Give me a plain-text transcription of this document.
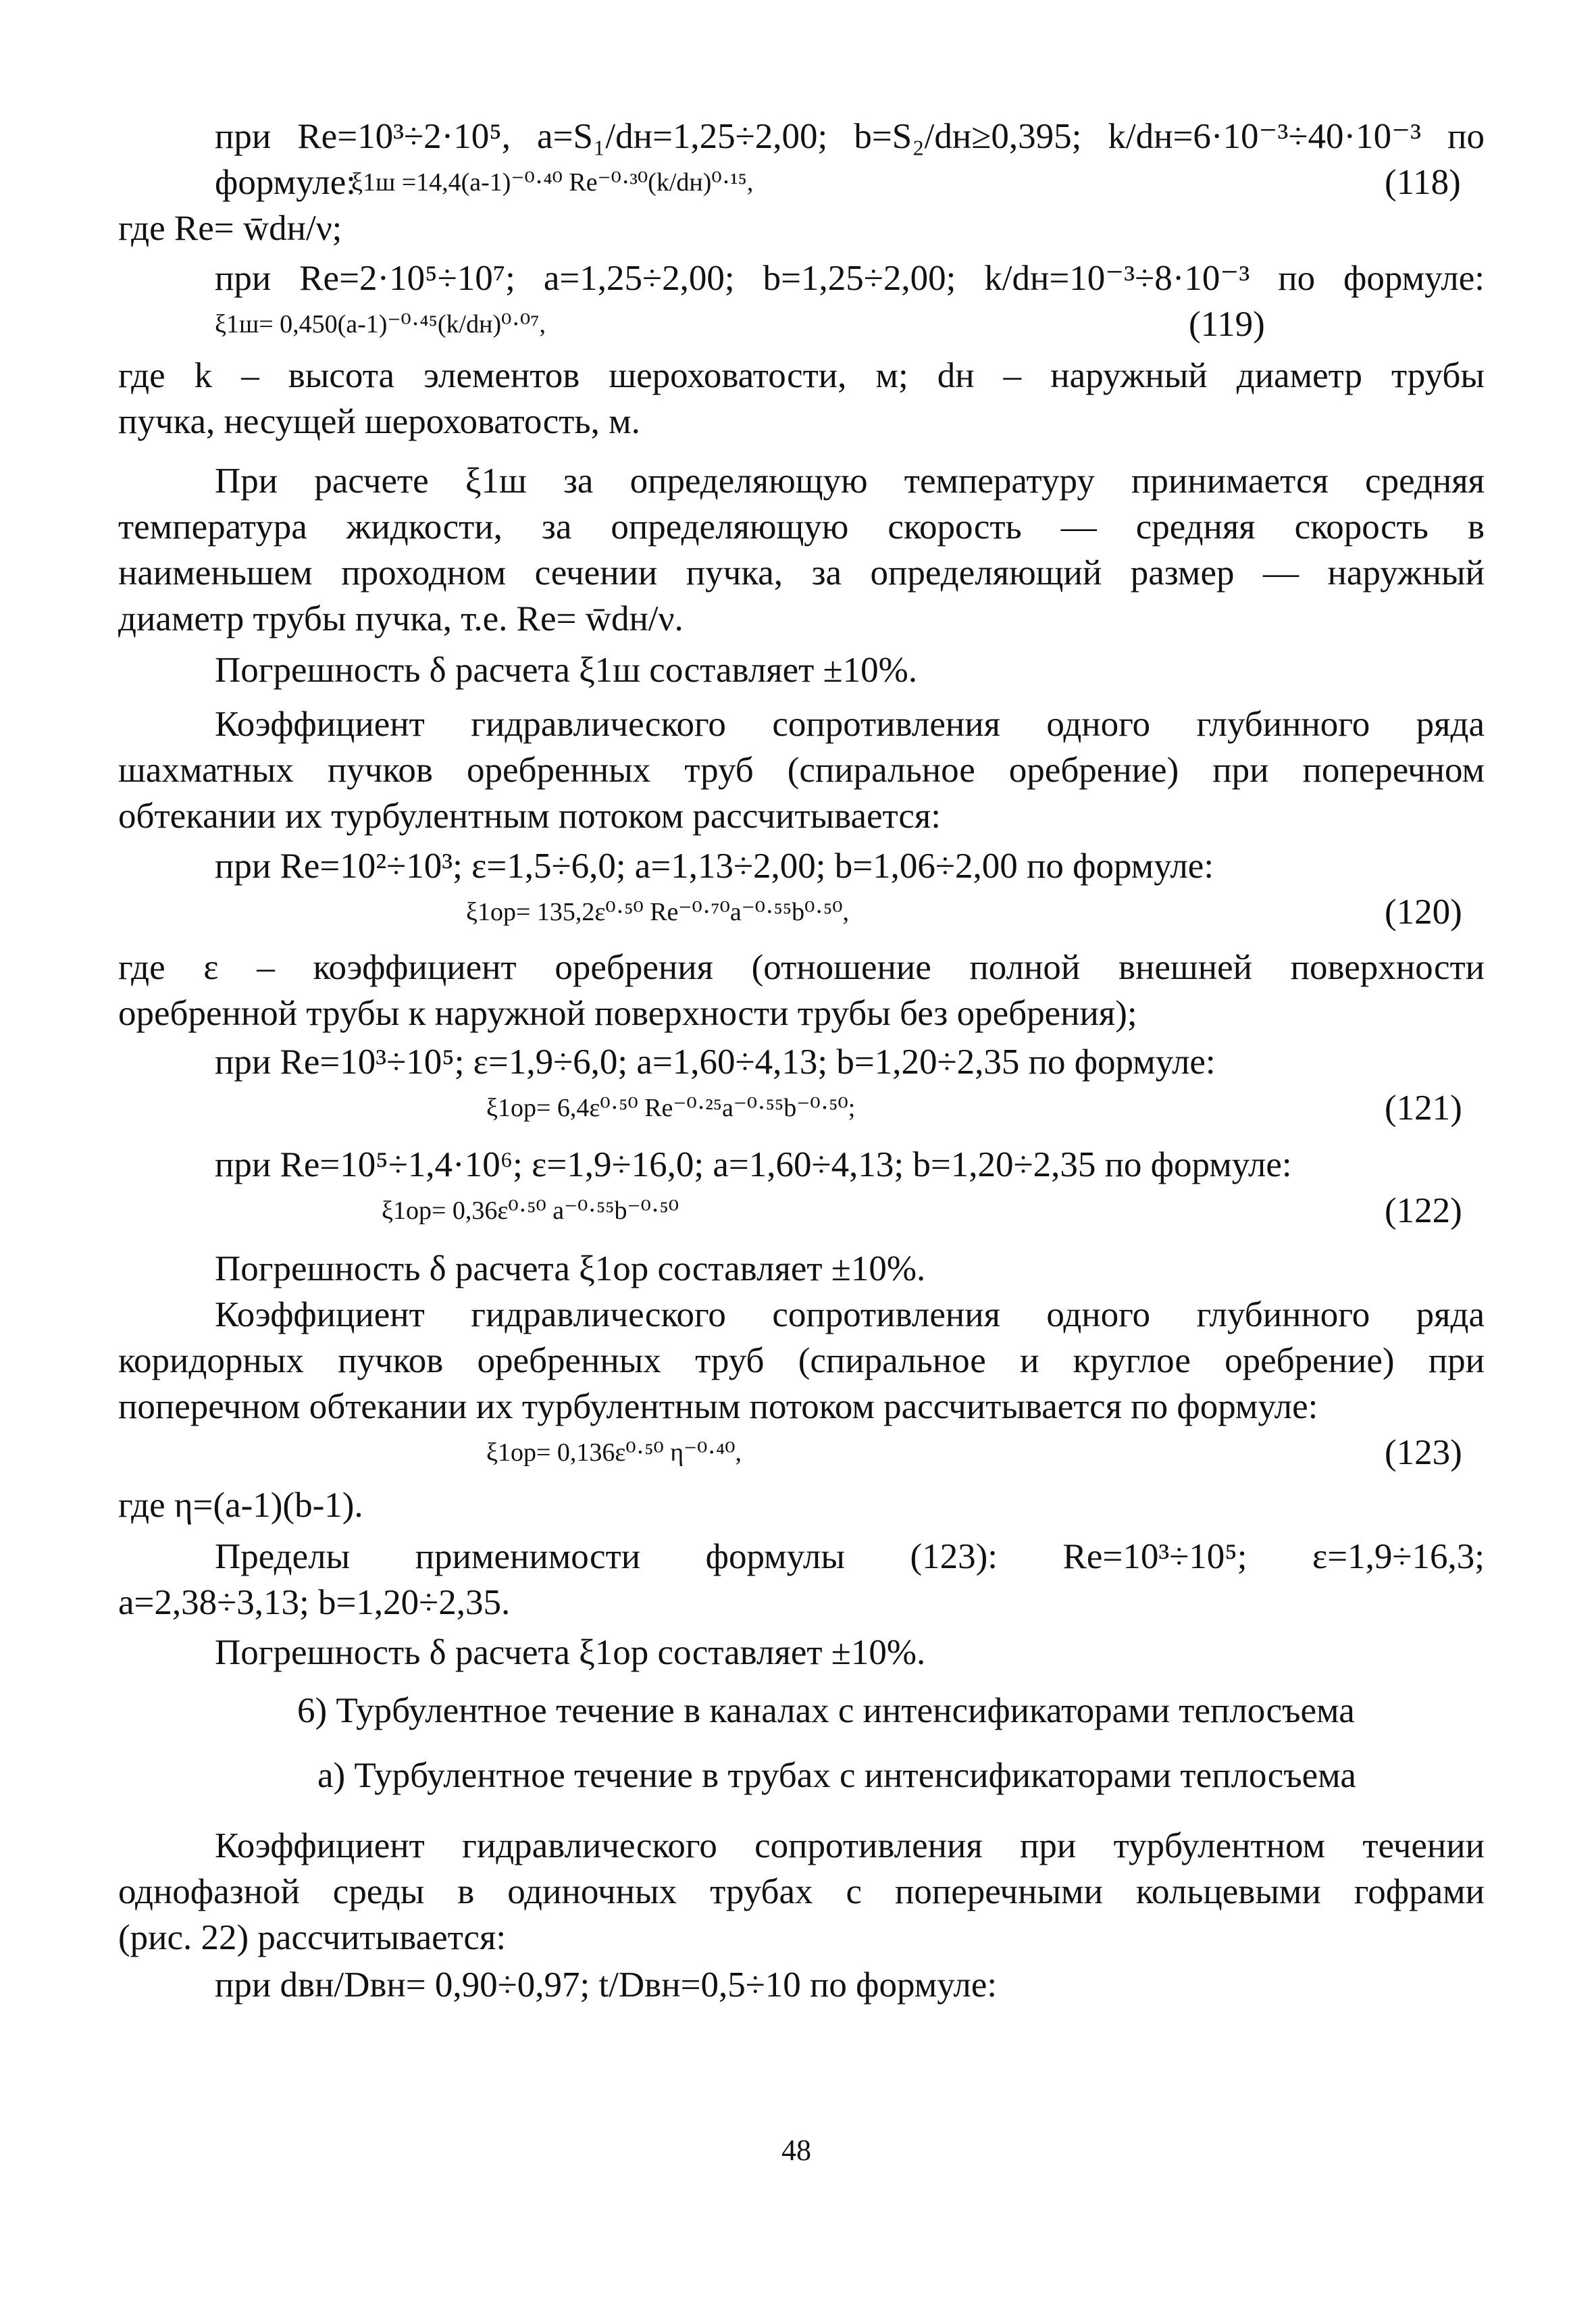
при Re=10³÷2·10⁵, a=S₁/dн=1,25÷2,00; b=S₂/dн≥0,395; k/dн=6·10⁻³÷40·10⁻³ по

формуле:

ξ1ш =14,4(a-1)⁻⁰·⁴⁰ Re⁻⁰·³⁰(k/dн)⁰·¹⁵,	(118)

где Re= w̄dн/ν;

при Re=2·10⁵÷10⁷; a=1,25÷2,00; b=1,25÷2,00; k/dн=10⁻³÷8·10⁻³ по формуле:

ξ1ш= 0,450(a-1)⁻⁰·⁴⁵(k/dн)⁰·⁰⁷,	(119)

где k – высота элементов шероховатости, м; dн – наружный диаметр трубы

пучка, несущей шероховатость, м.

При расчете ξ1ш за определяющую температуру принимается средняя

температура жидкости, за определяющую скорость — средняя скорость в

наименьшем проходном сечении пучка, за определяющий размер — наружный

диаметр трубы пучка, т.е. Re= w̄dн/ν.

Погрешность δ расчета ξ1ш составляет ±10%.

Коэффициент гидравлического сопротивления одного глубинного ряда

шахматных пучков оребренных труб (спиральное оребрение) при поперечном

обтекании их турбулентным потоком рассчитывается:

при Re=10²÷10³; ε=1,5÷6,0; a=1,13÷2,00; b=1,06÷2,00 по формуле:

ξ1ор= 135,2ε⁰·⁵⁰ Re⁻⁰·⁷⁰a⁻⁰·⁵⁵b⁰·⁵⁰,	(120)

где ε – коэффициент оребрения (отношение полной внешней поверхности

оребренной трубы к наружной поверхности трубы без оребрения);

при Re=10³÷10⁵; ε=1,9÷6,0; a=1,60÷4,13; b=1,20÷2,35 по формуле:

ξ1ор= 6,4ε⁰·⁵⁰ Re⁻⁰·²⁵a⁻⁰·⁵⁵b⁻⁰·⁵⁰;	(121)

при Re=10⁵÷1,4·10⁶; ε=1,9÷16,0; a=1,60÷4,13; b=1,20÷2,35 по формуле:

ξ1ор= 0,36ε⁰·⁵⁰ a⁻⁰·⁵⁵b⁻⁰·⁵⁰	(122)

Погрешность δ расчета ξ1ор составляет ±10%.

Коэффициент гидравлического сопротивления одного глубинного ряда

коридорных пучков оребренных труб (спиральное и круглое оребрение) при

поперечном обтекании их турбулентным потоком рассчитывается по формуле:

ξ1ор= 0,136ε⁰·⁵⁰ η⁻⁰·⁴⁰,	(123)

где η=(a-1)(b-1).

Пределы применимости формулы (123): Re=10³÷10⁵; ε=1,9÷16,3;

a=2,38÷3,13; b=1,20÷2,35.

Погрешность δ расчета ξ1ор составляет ±10%.

6) Турбулентное течение в каналах с интенсификаторами теплосъема

а) Турбулентное течение в трубах с интенсификаторами теплосъема

Коэффициент гидравлического сопротивления при турбулентном течении

однофазной среды в одиночных трубах с поперечными кольцевыми гофрами

(рис. 22) рассчитывается:

при dвн/Dвн= 0,90÷0,97; t/Dвн=0,5÷10 по формуле:

48
